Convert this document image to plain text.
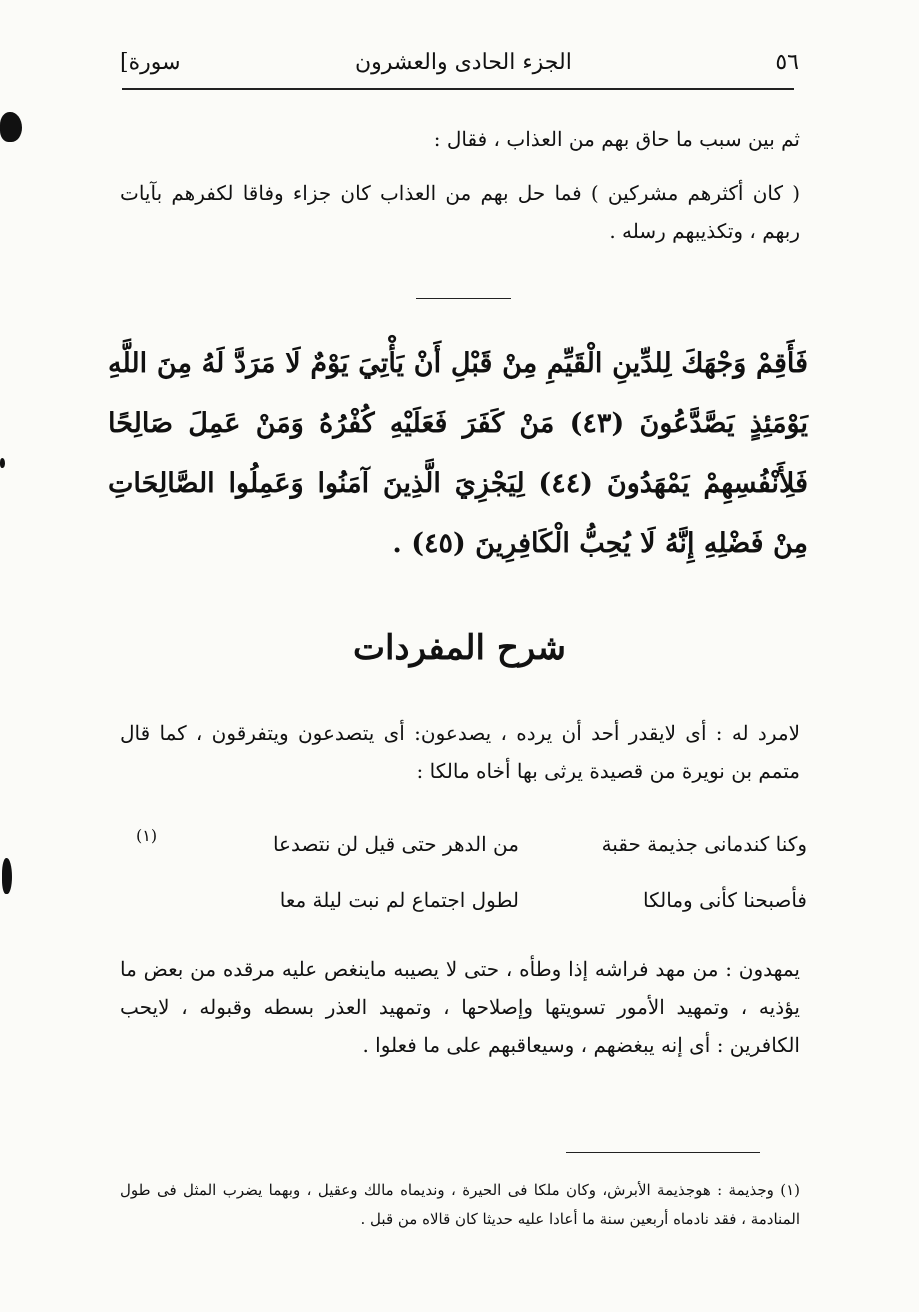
٥٦
الجزء الحادى والعشرون
[سورة
ثم بين سبب ما حاق بهم من العذاب ، فقال :
( كان أكثرهم مشركين ) فما حل بهم من العذاب كان جزاء وفاقا لكفرهم بآيات ربهم ، وتكذيبهم رسله .
فَأَقِمْ وَجْهَكَ لِلدِّينِ الْقَيِّمِ مِنْ قَبْلِ أَنْ يَأْتِيَ يَوْمٌ لَا مَرَدَّ لَهُ مِنَ اللَّهِ يَوْمَئِذٍ يَصَّدَّعُونَ (٤٣) مَنْ كَفَرَ فَعَلَيْهِ كُفْرُهُ وَمَنْ عَمِلَ صَالِحًا فَلِأَنْفُسِهِمْ يَمْهَدُونَ (٤٤) لِيَجْزِيَ الَّذِينَ آمَنُوا وَعَمِلُوا الصَّالِحَاتِ مِنْ فَضْلِهِ إِنَّهُ لَا يُحِبُّ الْكَافِرِينَ (٤٥) .
شرح المفردات
لامرد له : أى لايقدر أحد أن يرده ، يصدعون: أى يتصدعون ويتفرقون ، كما قال متمم بن نويرة من قصيدة يرثى بها أخاه مالكا :
وكنا كندمانى جذيمة حقبة
من الدهر حتى قيل لن نتصدعا
(١)
فأصبحنا كأنى ومالكا
لطول اجتماع لم نبت ليلة معا
يمهدون : من مهد فراشه إذا وطأه ، حتى لا يصيبه ماينغص عليه مرقده من بعض ما يؤذيه ، وتمهيد الأمور تسويتها وإصلاحها ، وتمهيد العذر بسطه وقبوله ، لايحب الكافرين : أى إنه يبغضهم ، وسيعاقبهم على ما فعلوا .
(١) وجذيمة : هوجذيمة الأبرش، وكان ملكا فى الحيرة ، ونديماه مالك وعقيل ، وبهما يضرب المثل فى طول المنادمة ، فقد نادماه أربعين سنة ما أعادا عليه حديثا كان قالاه من قبل .
